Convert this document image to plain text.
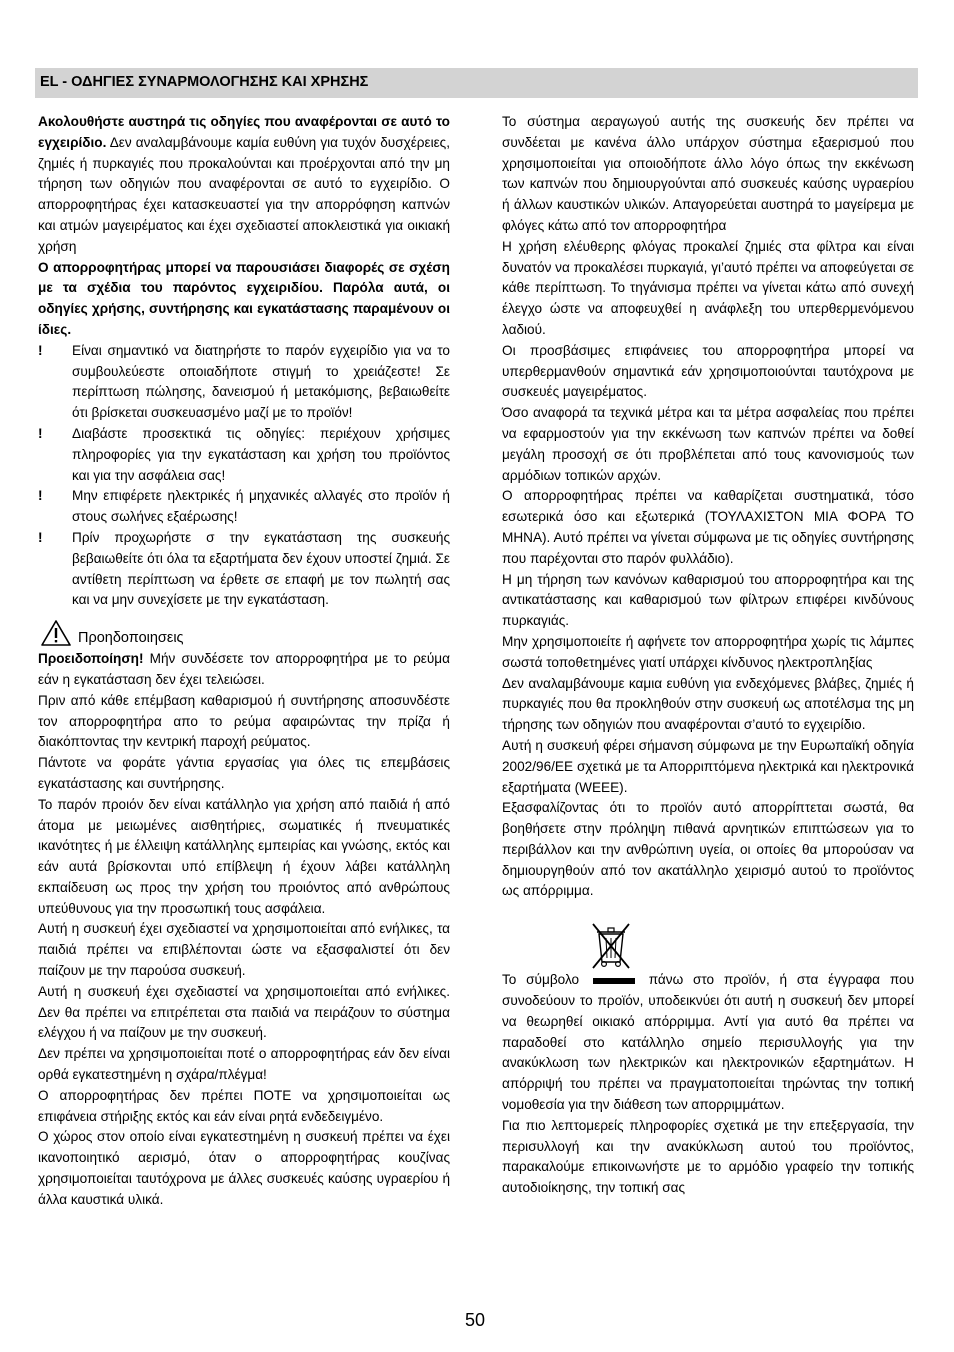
EL - ΟΔΗΓΙΕΣ ΣΥΝΑΡΜΟΛΟΓΗΣΗΣ ΚΑΙ ΧΡΗΣΗΣ

Ακολουθήστε αυστηρά τις οδηγίες που αναφέρονται σε αυτό το εγχειρίδιο. Δεν αναλαμβάνουμε καμία ευθύνη για τυχόν δυσχέρειες, ζημιές ή πυρκαγιές που προκαλούνται και προέρχονται από την μη τήρηση των οδηγιών που αναφέρονται σε αυτό το εγχειρίδιο. Ο απορροφητήρας έχει κατασκευαστεί για την απορρόφηση καπνών και ατμών μαγειρέματος και έχει σχεδιαστεί αποκλειστικά για οικιακή χρήση

Ο απορροφητήρας μπορεί να παρουσιάσει διαφορές σε σχέση με τα σχέδια του παρόντος εγχειριδίου. Παρόλα αυτά, οι οδηγίες χρήσης, συντήρησης και εγκατάστασης παραμένουν οι ίδιες.

! Είναι σημαντικό να διατηρήστε το παρόν εγχειρίδιο για να το συμβουλεύεστε οποιαδήποτε στιγμή το χρειάζεστε! Σε περίπτωση πώλησης, δανεισμού ή μετακόμισης, βεβαιωθείτε ότι βρίσκεται συσκευασμένο μαζί με το προϊόν!
! Διαβάστε προσεκτικά τις οδηγίες: περιέχουν χρήσιμες πληροφορίες για την εγκατάσταση και χρήση του προϊόντος και για την ασφάλεια σας!
! Μην επιφέρετε ηλεκτρικές ή μηχανικές αλλαγές στο προϊόν ή στους σωλήνες εξαέρωσης!
! Πρίν προχωρήστε σ την εγκατάσταση της συσκευής βεβαιωθείτε ότι όλα τα εξαρτήματα δεν έχουν υποστεί ζημιά. Σε αντίθετη περίπτωση να έρθετε σε επαφή με τον πωλητή σας και να μην συνεχίσετε με την εγκατάσταση.
Προηδοποιησεις

Προειδοποίηση! Μήν συνδέσετε τον απορροφητήρα με το ρεύμα εάν η εγκατάσταση δεν έχει τελειώσει.

Πριν από κάθε επέμβαση καθαρισμού ή συντήρησης αποσυνδέστε τον απορροφητήρα απο το ρεύμα αφαιρώντας την πρίζα ή διακόπτοντας την κεντρική παροχή ρεύματος.

Πάντοτε να φοράτε γάντια εργασίας για όλες τις επεμβάσεις εγκατάστασης και συντήρησης.

Το παρόν προιόν δεν είναι κατάλληλο για χρήση από παιδιά ή από άτομα με μειωμένες αισθητήριες, σωματικές ή πνευματικές ικανότητες ή με έλλειψη κατάλληλης εμπειρίας και γνώσης, εκτός και εάν αυτά βρίσκονται υπό επίβλεψη ή έχουν λάβει κατάλληλη εκπαίδευση ως προς την χρήση του προιόντος από ανθρώπους υπεύθυνους για την προσωπική τους ασφάλεια.

Αυτή η συσκευή έχει σχεδιαστεί να χρησιμοποιείται από ενήλικες, τα παιδιά πρέπει να επιβλέπονται ώστε να εξασφαλιστεί ότι δεν παίζουν με την παρούσα συσκευή.

Αυτή η συσκευή έχει σχεδιαστεί να χρησιμοποιείται από ενήλικες. Δεν θα πρέπει να επιτρέπεται στα παιδιά να πειράζουν το σύστημα ελέγχου ή να παίζουν με την συσκευή.

Δεν πρέπει να χρησιμοποιείται ποτέ ο απορροφητήρας εάν δεν είναι ορθά εγκατεστημένη η σχάρα/πλέγμα!

Ο απορροφητήρας δεν πρέπει ΠΟΤΕ να χρησιμοποιείται ως επιφάνεια στήριξης εκτός και εάν είναι ρητά ενδεδειγμένο.

Ο χώρος στον οποίο είναι εγκατεστημένη η συσκευή πρέπει να έχει ικανοποιητικό αερισμό, όταν ο απορροφητήρας κουζίνας χρησιμοποιείται ταυτόχρονα με άλλες συσκευές καύσης υγραερίου ή άλλα καυστικά υλικά.

Το σύστημα αεραγωγού αυτής της συσκευής δεν πρέπει να συνδέεται με κανένα άλλο υπάρχον σύστημα εξαερισμού που χρησιμοποιείται για οποιοδήποτε άλλο λόγο όπως την εκκένωση των καπνών που δημιουργούνται από συσκευές καύσης υγραερίου ή άλλων καυστικών υλικών. Απαγορεύεται αυστηρά το μαγείρεμα με φλόγες κάτω από τον απορροφητήρα

Η χρήση ελέυθερης φλόγας προκαλεί ζημιές στα φίλτρα και είναι δυνατόν να προκαλέσει πυρκαγιά, γι’αυτό πρέπει να αποφεύγεται σε κάθε περίπτωση. Το τηγάνισμα πρέπει να γίνεται κάτω από συνεχή έλεγχο ώστε να αποφευχθεί η ανάφλεξη του υπερθερμενόμενου λαδιού.

Οι προσβάσιμες επιφάνειες του απορροφητήρα μπορεί να υπερθερμανθούν σημαντικά εάν χρησιμοποιούνται ταυτόχρονα με συσκευές μαγειρέματος.

Όσο αναφορά τα τεχνικά μέτρα και τα μέτρα ασφαλείας που πρέπει να εφαρμοστούν για την εκκένωση των καπνών πρέπει να δοθεί μεγάλη προσοχή σε ότι προβλέπεται από τους κανονισμούς των αρμόδιων τοπικών αρχών.

Ο απορροφητήρας πρέπει να καθαρίζεται συστηματικά, τόσο εσωτερικά όσο και εξωτερικά (ΤΟΥΛΑΧΙΣΤΟΝ ΜΙΑ ΦΟΡΑ ΤΟ ΜΗΝΑ). Αυτό πρέπει να γίνεται σύμφωνα με τις οδηγίες συντήρησης που παρέχονται στο παρόν φυλλάδιο).

Η μη τήρηση των κανόνων καθαρισμού του απορροφητήρα και της αντικατάστασης και καθαρισμού των φίλτρων επιφέρει κινδύνους πυρκαγιάς.

Μην χρησιμοποιείτε ή αφήνετε τον απορροφητήρα χωρίς τις λάμπες σωστά τοποθετημένες γιατί υπάρχει κίνδυνος ηλεκτροπληξίας

Δεν αναλαμβάνουμε καμια ευθύνη για ενδεχόμενες βλάβες, ζημιές ή πυρκαγιές που θα προκληθούν στην συσκευή ως αποτέλσμα της μη τήρησης των οδηγιών που αναφέρονται σ’αυτό το εγχειρίδιο.

Αυτή η συσκευή φέρει σήμανση σύμφωνα με την Ευρωπαϊκή οδηγία 2002/96/ΕΕ σχετικά με τα Απορριπτόμενα ηλεκτρικά και ηλεκτρονικά εξαρτήματα (WEEE).

Εξασφαλίζοντας ότι το προϊόν αυτό απορρίπτεται σωστά, θα βοηθήσετε στην πρόληψη πιθανά αρνητικών επιπτώσεων για το περιβάλλον και την ανθρώπινη υγεία, οι οποίες θα μπορούσαν να δημιουργηθούν από τον ακατάλληλο χειρισμό αυτού το προϊόντος ως απόρριμμα.

Το σύμβολο	πάνω στο προϊόν, ή στα έγγραφα που συνοδεύουν το προϊόν, υποδεικνύει ότι αυτή η συσκευή δεν μπορεί να θεωρηθεί οικιακό απόρριμμα. Αντί για αυτό θα πρέπει να παραδοθεί στο κατάλληλο σημείο περισυλλογής για την ανακύκλωση των ηλεκτρικών και ηλεκτρονικών εξαρτημάτων. Η απόρριψή του πρέπει να πραγματοποιείται τηρώντας την τοπική νομοθεσία για την διάθεση των απορριμμάτων.

Για πιο λεπτομερείς πληροφορίες σχετικά με την επεξεργασία, την περισυλλογή και την ανακύκλωση αυτού του προϊόντος, παρακαλούμε επικοινωνήστε με το αρμόδιο γραφείο την τοπικής αυτοδιοίκησης, την τοπική σας

50
